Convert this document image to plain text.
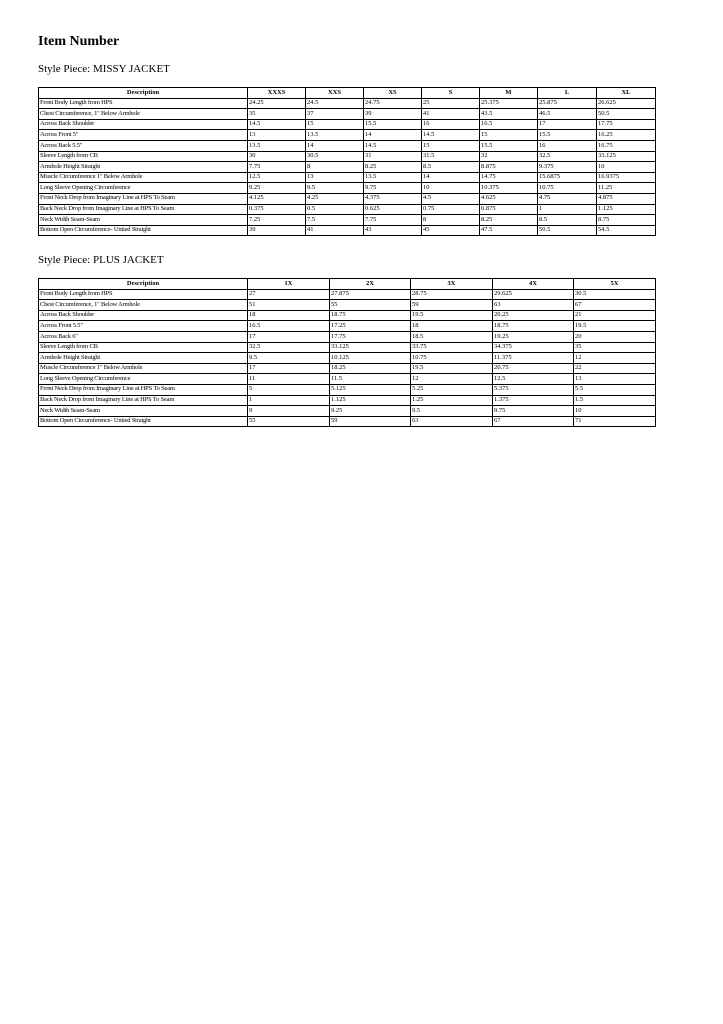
Item Number
Style Piece: MISSY JACKET
Description	XXXS	XXS	XS	S	M	L	XL
Front Body Length from HPS	24.25	24.5	24.75	25	25.375	25.875	26.625
Chest Circumference, 1" Below Armhole	35	37	39	41	43.5	46.5	50.5
Across Back Shoulder	14.5	15	15.5	16	16.5	17	17.75
Across Front 5"	13	13.5	14	14.5	15	15.5	16.25
Across Back 5.5"	13.5	14	14.5	15	15.5	16	16.75
Sleeve Length from CB	30	30.5	31	31.5	32	32.5	33.125
Armhole Height Straight	7.75	8	8.25	8.5	8.875	9.375	10
Muscle Circumference 1" Below Armhole	12.5	13	13.5	14	14.75	15.6875	16.9375
Long Sleeve Opening Circumference	9.25	9.5	9.75	10	10.375	10.75	11.25
Front Neck Drop from Imaginary Line at HPS To Seam	4.125	4.25	4.375	4.5	4.625	4.75	4.875
Back Neck Drop from Imaginary Line at HPS To Seam	0.375	0.5	0.625	0.75	0.875	1	1.125
Neck Width Seam-Seam	7.25	7.5	7.75	8	8.25	8.5	8.75
Bottom Open Circumference- Untied Straight	39	41	43	45	47.5	50.5	54.5
Style Piece: PLUS JACKET
Description	1X	2X	3X	4X	5X
Front Body Length from HPS	27	27.875	28.75	29.625	30.5
Chest Circumference, 1" Below Armhole	51	55	59	63	67
Across Back Shoulder	18	18.75	19.5	20.25	21
Across Front 5.5"	16.5	17.25	18	18.75	19.5
Across Back 6"	17	17.75	18.5	19.25	20
Sleeve Length from CB	32.5	33.125	33.75	34.375	35
Armhole Height Straight	9.5	10.125	10.75	11.375	12
Muscle Circumference 1" Below Armhole	17	18.25	19.5	20.75	22
Long Sleeve Opening Circumference	11	11.5	12	12.5	13
Front Neck Drop from Imaginary Line at HPS To Seam	5	5.125	5.25	5.375	5.5
Back Neck Drop from Imaginary Line at HPS To Seam	1	1.125	1.25	1.375	1.5
Neck Width Seam-Seam	9	9.25	9.5	9.75	10
Bottom Open Circumference- Untied Straight	55	59	63	67	71
